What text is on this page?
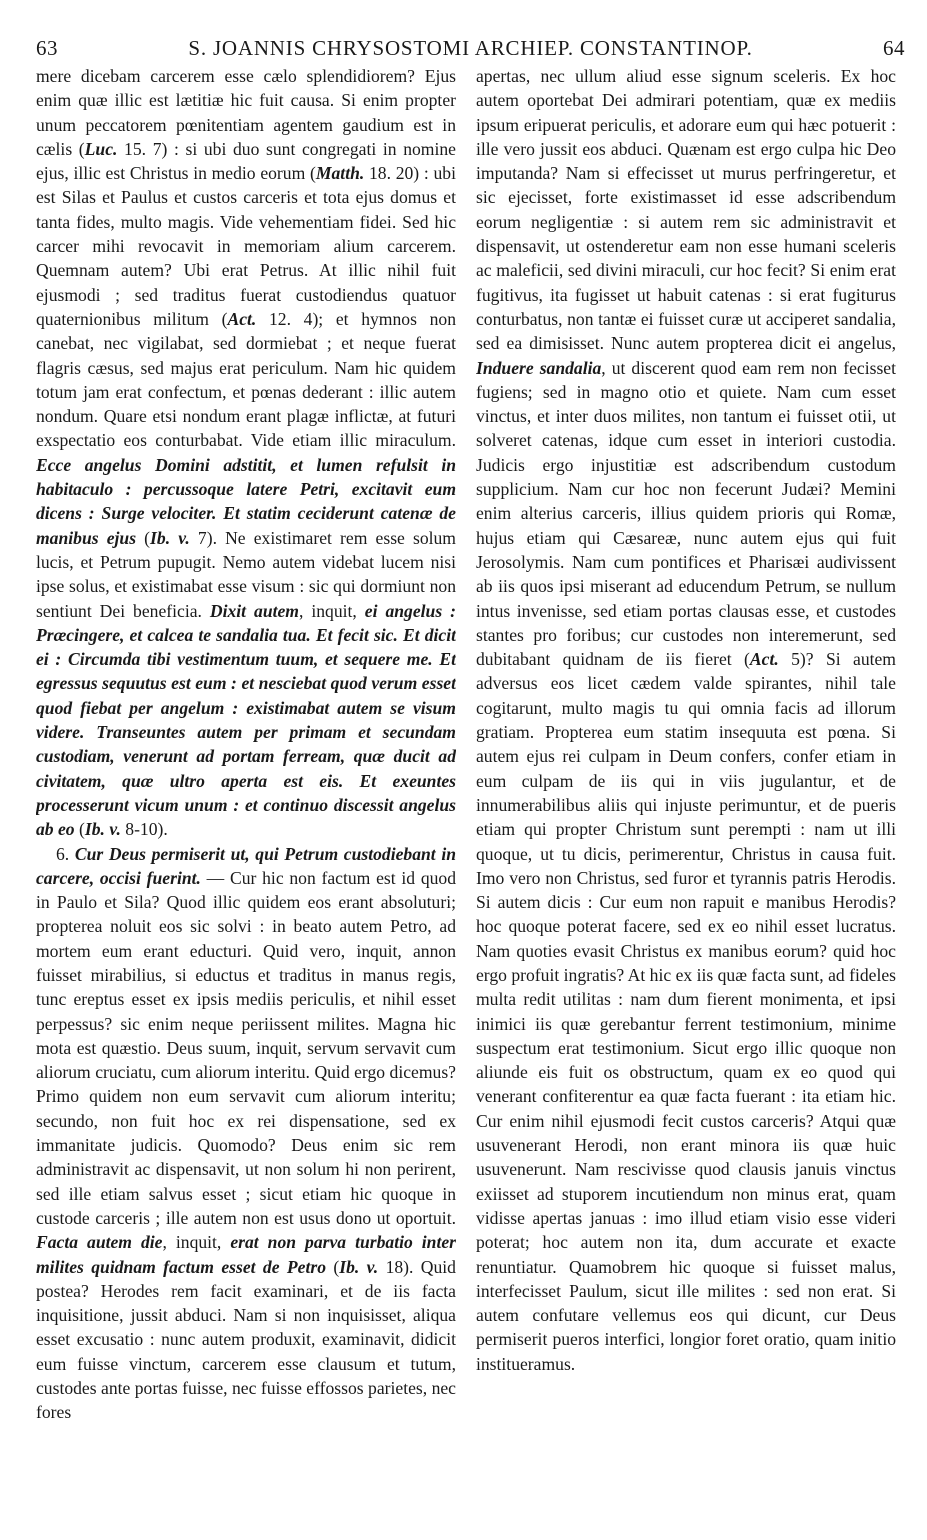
63	S. JOANNIS CHRYSOSTOMI ARCHIEP. CONSTANTINOP.	64

mere dicebam carcerem esse cælo splendidiorem? Ejus enim quæ illic est lætitiæ hic fuit causa. Si enim propter unum peccatorem pœnitentiam agentem gaudium est in cælis (Luc. 15. 7) : si ubi duo sunt congregati in nomine ejus, illic est Christus in medio eorum (Matth. 18. 20) : ubi est Silas et Paulus et custos carceris et tota ejus domus et tanta fides, multo magis. Vide vehementiam fidei. Sed hic carcer mihi revocavit in memoriam alium carcerem. Quemnam autem? Ubi erat Petrus. At illic nihil fuit ejusmodi ; sed traditus fuerat custodiendus quatuor quaternionibus militum (Act. 12. 4); et hymnos non canebat, nec vigilabat, sed dormiebat ; et neque fuerat flagris cæsus, sed majus erat periculum. Nam hic quidem totum jam erat confectum, et pœnas dederant : illic autem nondum. Quare etsi nondum erant plagæ inflictæ, at futuri exspectatio eos conturbabat. Vide etiam illic miraculum. Ecce angelus Domini adstitit, et lumen refulsit in habitaculo : percussoque latere Petri, excitavit eum dicens : Surge velociter. Et statim ceciderunt catenæ de manibus ejus (Ib. v. 7). Ne existimaret rem esse solum lucis, et Petrum pupugit. Nemo autem videbat lucem nisi ipse solus, et existimabat esse visum : sic qui dormiunt non sentiunt Dei beneficia. Dixit autem, inquit, ei angelus : Præcingere, et calcea te sandalia tua. Et fecit sic. Et dicit ei : Circumda tibi vestimentum tuum, et sequere me. Et egressus sequutus est eum : et nesciebat quod verum esset quod fiebat per angelum : existimabat autem se visum videre. Transeuntes autem per primam et secundam custodiam, venerunt ad portam ferream, quæ ducit ad civitatem, quæ ultro aperta est eis. Et exeuntes processerunt vicum unum : et continuo discessit angelus ab eo (Ib. v. 8-10).

6. Cur Deus permiserit ut, qui Petrum custodiebant in carcere, occisi fuerint. — Cur hic non factum est id quod in Paulo et Sila? Quod illic quidem eos erant absoluturi; propterea noluit eos sic solvi : in beato autem Petro, ad mortem eum erant educturi. Quid vero, inquit, annon fuisset mirabilius, si eductus et traditus in manus regis, tunc ereptus esset ex ipsis mediis periculis, et nihil esset perpessus? sic enim neque periissent milites. Magna hic mota est quæstio. Deus suum, inquit, servum servavit cum aliorum cruciatu, cum aliorum interitu. Quid ergo dicemus? Primo quidem non eum servavit cum aliorum interitu; secundo, non fuit hoc ex rei dispensatione, sed ex immanitate judicis. Quomodo? Deus enim sic rem administravit ac dispensavit, ut non solum hi non perirent, sed ille etiam salvus esset ; sicut etiam hic quoque in custode carceris ; ille autem non est usus dono ut oportuit. Facta autem die, inquit, erat non parva turbatio inter milites quidnam factum esset de Petro (Ib. v. 18). Quid postea? Herodes rem facit examinari, et de iis facta inquisitione, jussit abduci. Nam si non inquisisset, aliqua esset excusatio : nunc autem produxit, examinavit, didicit eum fuisse vinctum, carcerem esse clausum et tutum, custodes ante portas fuisse, nec fuisse effossos parietes, nec fores

apertas, nec ullum aliud esse signum sceleris. Ex hoc autem oportebat Dei admirari potentiam, quæ ex mediis ipsum eripuerat periculis, et adorare eum qui hæc potuerit : ille vero jussit eos abduci. Quænam est ergo culpa hic Deo imputanda? Nam si effecisset ut murus perfringeretur, et sic ejecisset, forte existimasset id esse adscribendum eorum negligentiæ : si autem rem sic administravit et dispensavit, ut ostenderetur eam non esse humani sceleris ac maleficii, sed divini miraculi, cur hoc fecit? Si enim erat fugitivus, ita fugisset ut habuit catenas : si erat fugiturus conturbatus, non tantæ ei fuisset curæ ut acciperet sandalia, sed ea dimisisset. Nunc autem propterea dicit ei angelus, Induere sandalia, ut discerent quod eam rem non fecisset fugiens; sed in magno otio et quiete. Nam cum esset vinctus, et inter duos milites, non tantum ei fuisset otii, ut solveret catenas, idque cum esset in interiori custodia. Judicis ergo injustitiæ est adscribendum custodum supplicium. Nam cur hoc non fecerunt Judæi? Memini enim alterius carceris, illius quidem prioris qui Romæ, hujus etiam qui Cæsareæ, nunc autem ejus qui fuit Jerosolymis. Nam cum pontifices et Pharisæi audivissent ab iis quos ipsi miserant ad educendum Petrum, se nullum intus invenisse, sed etiam portas clausas esse, et custodes stantes pro foribus; cur custodes non interemerunt, sed dubitabant quidnam de iis fieret (Act. 5)? Si autem adversus eos licet cædem valde spirantes, nihil tale cogitarunt, multo magis tu qui omnia facis ad illorum gratiam. Propterea eum statim insequuta est pœna. Si autem ejus rei culpam in Deum confers, confer etiam in eum culpam de iis qui in viis jugulantur, et de innumerabilibus aliis qui injuste perimuntur, et de pueris etiam qui propter Christum sunt perempti : nam ut illi quoque, ut tu dicis, perimerentur, Christus in causa fuit. Imo vero non Christus, sed furor et tyrannis patris Herodis. Si autem dicis : Cur eum non rapuit e manibus Herodis? hoc quoque poterat facere, sed ex eo nihil esset lucratus. Nam quoties evasit Christus ex manibus eorum? quid hoc ergo profuit ingratis? At hic ex iis quæ facta sunt, ad fideles multa redit utilitas : nam dum fierent monimenta, et ipsi inimici iis quæ gerebantur ferrent testimonium, minime suspectum erat testimonium. Sicut ergo illic quoque non aliunde eis fuit os obstructum, quam ex eo quod qui venerant confiterentur ea quæ facta fuerant : ita etiam hic. Cur enim nihil ejusmodi fecit custos carceris? Atqui quæ usuvenerant Herodi, non erant minora iis quæ huic usuvenerunt. Nam rescivisse quod clausis januis vinctus exiisset ad stuporem incutiendum non minus erat, quam vidisse apertas januas : imo illud etiam visio esse videri poterat; hoc autem non ita, dum accurate et exacte renuntiatur. Quamobrem hic quoque si fuisset malus, interfecisset Paulum, sicut ille milites : sed non erat. Si autem confutare vellemus eos qui dicunt, cur Deus permiserit pueros interfici, longior foret oratio, quam initio institueramus.
